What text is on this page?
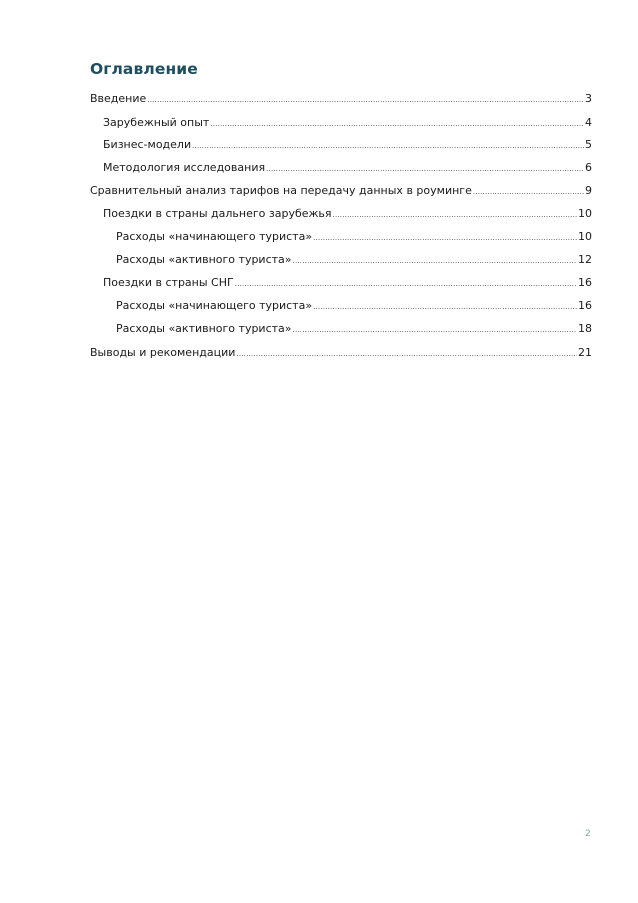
Оглавление
Введение .....	3
Зарубежный опыт .....	4
Бизнес-модели .....	5
Методология исследования .....	6
Сравнительный анализ тарифов на передачу данных в роуминге .....	9
Поездки в страны дальнего зарубежья .....	10
Расходы «начинающего туриста» .....	10
Расходы «активного туриста» .....	12
Поездки в страны СНГ .....	16
Расходы «начинающего туриста» .....	16
Расходы «активного туриста» .....	18
Выводы и рекомендации .....	21
2
